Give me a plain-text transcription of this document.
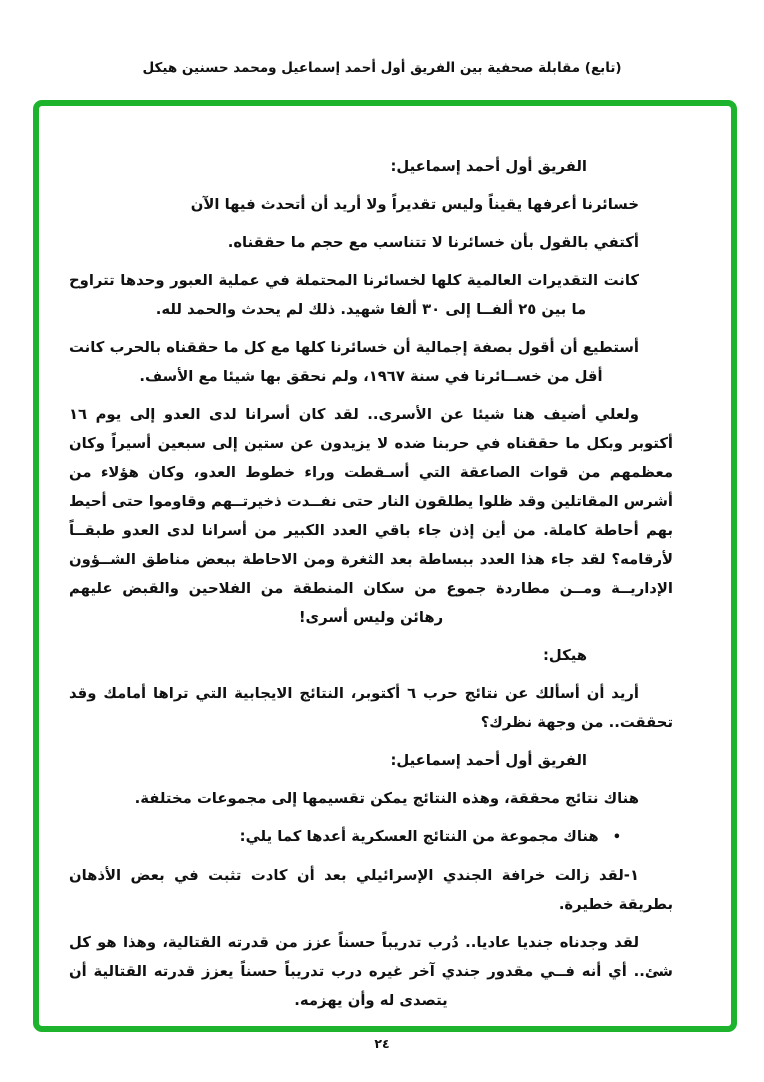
(تابع) مقابلة صحفية بين الفريق أول أحمد إسماعيل ومحمد حسنين هيكل
الفريق أول أحمد إسماعيل:
خسائرنا أعرفها يقيناً وليس تقديراً ولا أريد أن أتحدث فيها الآن
أكتفي بالقول بأن خسائرنا لا تتناسب مع حجم ما حققناه.
كانت التقديرات العالمية كلها لخسائرنا المحتملة في عملية العبور وحدها تتراوح ما بين ٢٥ ألفــا إلى ٣٠ ألفا شهيد. ذلك لم يحدث والحمد لله.
أستطيع أن أقول بصفة إجمالية أن خسائرنا كلها مع كل ما حققناه بالحرب كانت أقل من خســائرنا في سنة ١٩٦٧، ولم نحقق بها شيئا مع الأسف.
ولعلي أضيف هنا شيئا عن الأسرى.. لقد كان أسرانا لدى العدو إلى يوم ١٦ أكتوبر وبكل ما حققناه في حربنا ضده لا يزيدون عن ستين إلى سبعين أسيراً وكان معظمهم من قوات الصاعقة التي أسـقطت وراء خطوط العدو، وكان هؤلاء من أشرس المقاتلين وقد ظلوا يطلقون النار حتى نفــدت ذخيرتــهم وقاوموا حتى أحيط بهم أحاطة كاملة. من أين إذن جاء باقي العدد الكبير من أسرانا لدى العدو طبقــاً لأرقامه؟ لقد جاء هذا العدد ببساطة بعد الثغرة ومن الاحاطة ببعض مناطق الشــؤون الإداريــة ومــن مطاردة جموع من سكان المنطقة من الفلاحين والقبض عليهم رهائن وليس أسرى!
هيكل:
أريد أن أسألك عن نتائج حرب ٦ أكتوبر، النتائج الايجابية التي تراها أمامك وقد تحققت.. من وجهة نظرك؟
الفريق أول أحمد إسماعيل:
هناك نتائج محققة، وهذه النتائج يمكن تقسيمها إلى مجموعات مختلفة.
•هناك مجموعة من النتائج العسكرية أعدها كما يلي:
١-لقد زالت خرافة الجندي الإسرائيلي بعد أن كادت تثبت في بعض الأذهان بطريقة خطيرة.
لقد وجدناه جنديا عاديا.. دُرب تدريباً حسناً عزز من قدرته القتالية، وهذا هو كل شئ.. أي أنه فــي مقدور جندي آخر غيره درب تدريباً حسناً يعزز قدرته القتالية أن يتصدى له وأن يهزمه.
٢٤
